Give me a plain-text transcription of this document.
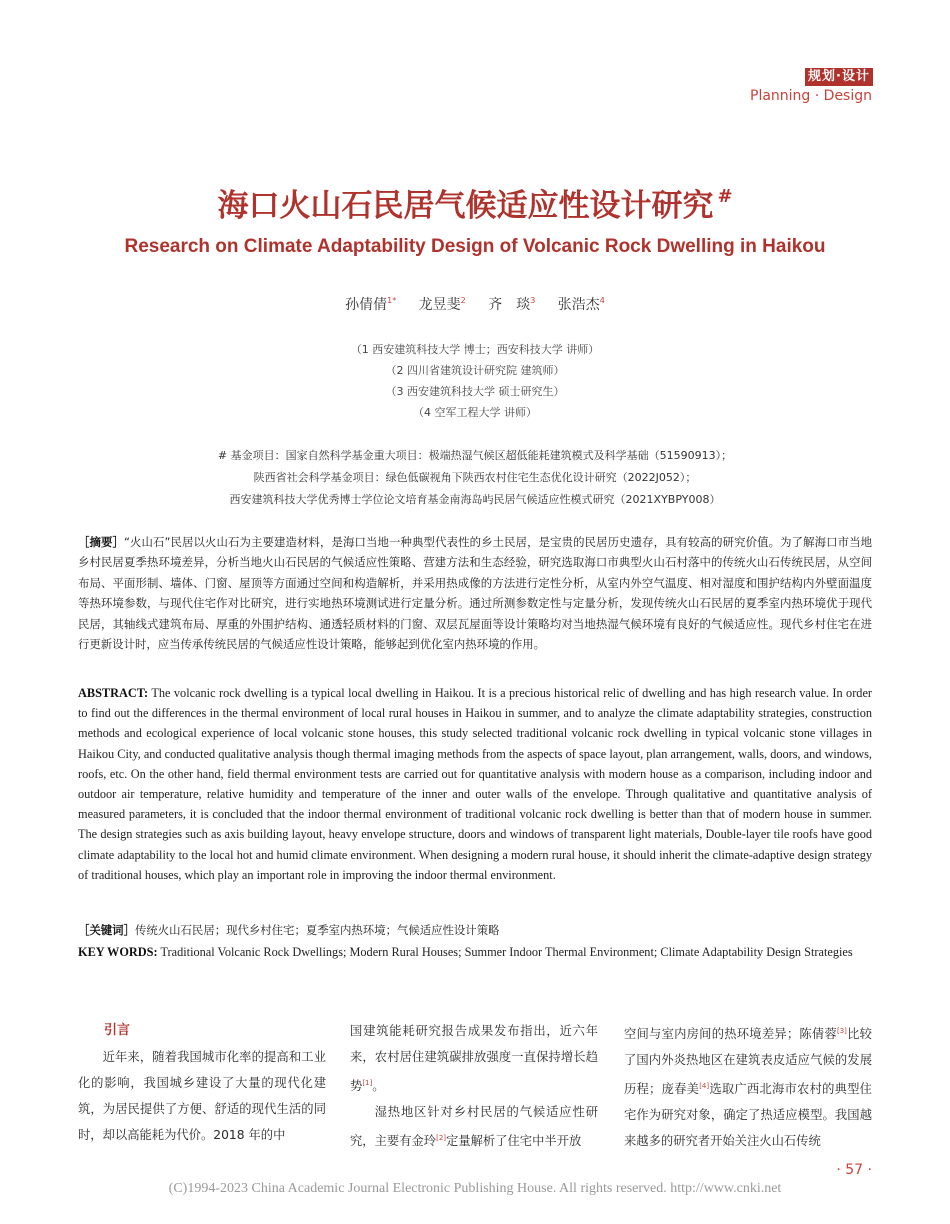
规划·设计
Planning · Design
海口火山石民居气候适应性设计研究 #
Research on Climate Adaptability Design of Volcanic Rock Dwelling in Haikou
孙倩倩$^{1*}$ 龙昱斐$^2$ 齐　琰$^3$ 张浩杰$^4$
（1 西安建筑科技大学 博士；西安科技大学 讲师）
（2 四川省建筑设计研究院 建筑师）
（3 西安建筑科技大学 硕士研究生）
（4 空军工程大学 讲师）
# 基金项目：国家自然科学基金重大项目：极端热湿气候区超低能耗建筑模式及科学基础（51590913）；
陕西省社会科学基金项目：绿色低碳视角下陕西农村住宅生态优化设计研究（2022J052）；
西安建筑科技大学优秀博士学位论文培育基金南海岛屿民居气候适应性模式研究（2021XYBPY008）
［摘要］“火山石”民居以火山石为主要建造材料，是海口当地一种典型代表性的乡土民居，是宝贵的民居历史遗存，具有较高的研究价值。为了解海口市当地乡村民居夏季热环境差异，分析当地火山石民居的气候适应性策略、营建方法和生态经验，研究选取海口市典型火山石村落中的传统火山石传统民居，从空间布局、平面形制、墙体、门窗、屋顶等方面通过空间和构造解析，并采用热成像的方法进行定性分析，从室内外空气温度、相对湿度和围护结构内外壁面温度等热环境参数，与现代住宅作对比研究，进行实地热环境测试进行定量分析。通过所测参数定性与定量分析，发现传统火山石民居的夏季室内热环境优于现代民居，其轴线式建筑布局、厚重的外围护结构、通透轻质材料的门窗、双层瓦屋面等设计策略均对当地热湿气候环境有良好的气候适应性。现代乡村住宅在进行更新设计时，应当传承传统民居的气候适应性设计策略，能够起到优化室内热环境的作用。
ABSTRACT: The volcanic rock dwelling is a typical local dwelling in Haikou. It is a precious historical relic of dwelling and has high research value. In order to find out the differences in the thermal environment of local rural houses in Haikou in summer, and to analyze the climate adaptability strategies, construction methods and ecological experience of local volcanic stone houses, this study selected traditional volcanic rock dwelling in typical volcanic stone villages in Haikou City, and conducted qualitative analysis though thermal imaging methods from the aspects of space layout, plan arrangement, walls, doors, and windows, roofs, etc. On the other hand, field thermal environment tests are carried out for quantitative analysis with modern house as a comparison, including indoor and outdoor air temperature, relative humidity and temperature of the inner and outer walls of the envelope. Through qualitative and quantitative analysis of measured parameters, it is concluded that the indoor thermal environment of traditional volcanic rock dwelling is better than that of modern house in summer. The design strategies such as axis building layout, heavy envelope structure, doors and windows of transparent light materials, Double-layer tile roofs have good climate adaptability to the local hot and humid climate environment. When designing a modern rural house, it should inherit the climate-adaptive design strategy of traditional houses, which play an important role in improving the indoor thermal environment.
［关键词］传统火山石民居；现代乡村住宅；夏季室内热环境；气候适应性设计策略
KEY WORDS: Traditional Volcanic Rock Dwellings; Modern Rural Houses; Summer Indoor Thermal Environment; Climate Adaptability Design Strategies

引言

近年来，随着我国城市化率的提高和工业化的影响，我国城乡建设了大量的现代化建筑，为居民提供了方便、舒适的现代生活的同时，却以高能耗为代价。2018 年的中

国建筑能耗研究报告成果发布指出，近六年来，农村居住建筑碳排放强度一直保持增长趋势[1]。

湿热地区针对乡村民居的气候适应性研究，主要有金玲[2]定量解析了住宅中半开放

空间与室内房间的热环境差异；陈倩蓉[3]比较了国内外炎热地区在建筑表皮适应气候的发展历程；庞春美[4]选取广西北海市农村的典型住宅作为研究对象，确定了热适应模型。我国越来越多的研究者开始关注火山石传统

· 57 ·
(C)1994-2023 China Academic Journal Electronic Publishing House. All rights reserved. http://www.cnki.net
